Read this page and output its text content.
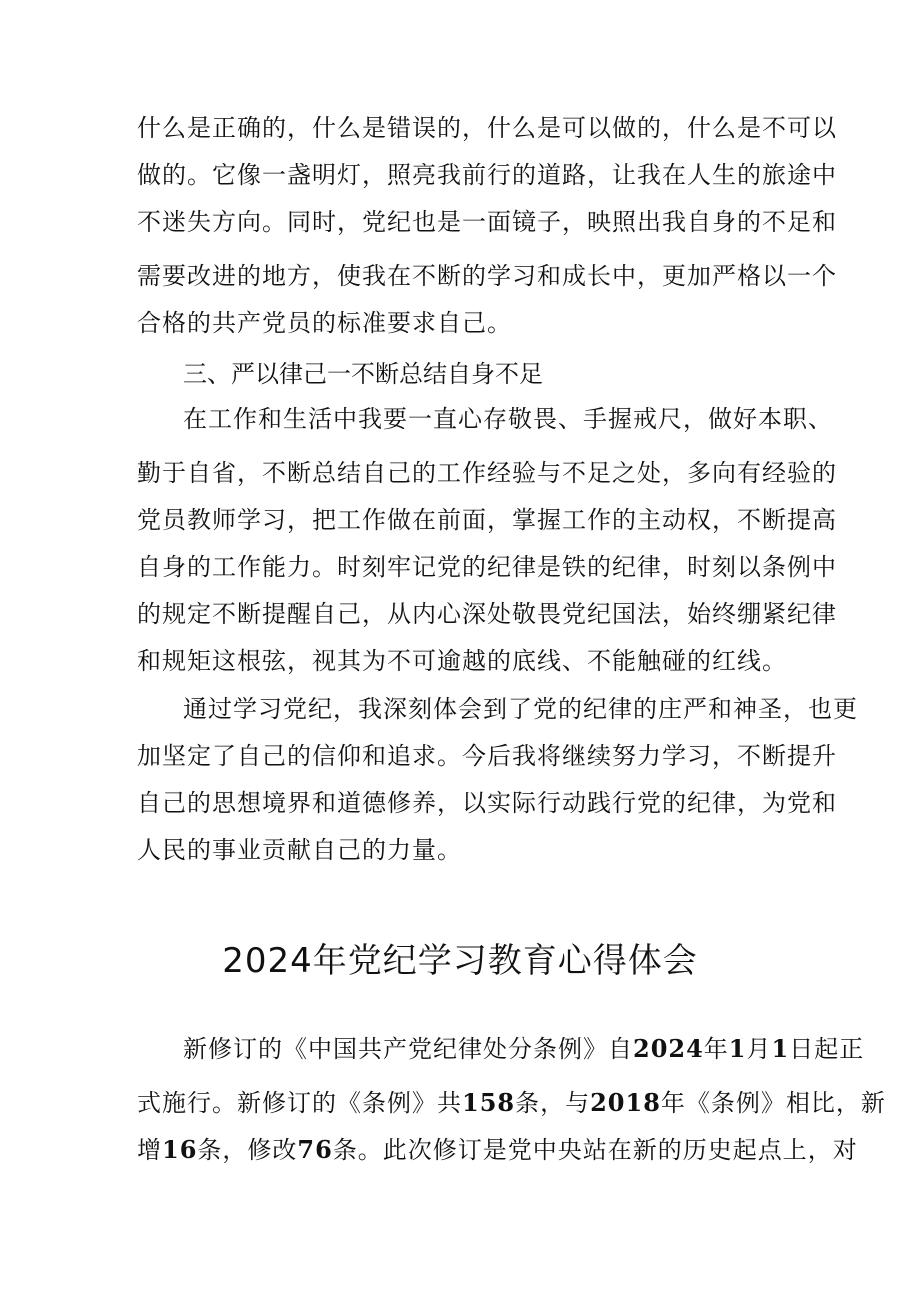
什么是正确的，什么是错误的，什么是可以做的，什么是不可以
做的。它像一盏明灯，照亮我前行的道路，让我在人生的旅途中
不迷失方向。同时，党纪也是一面镜子，映照出我自身的不足和
需要改进的地方，使我在不断的学习和成长中，更加严格以一个
合格的共产党员的标准要求自己。
三、严以律己一不断总结自身不足
在工作和生活中我要一直心存敬畏、手握戒尺，做好本职、
勤于自省，不断总结自己的工作经验与不足之处，多向有经验的
党员教师学习，把工作做在前面，掌握工作的主动权，不断提高
自身的工作能力。时刻牢记党的纪律是铁的纪律，时刻以条例中
的规定不断提醒自己，从内心深处敬畏党纪国法，始终绷紧纪律
和规矩这根弦，视其为不可逾越的底线、不能触碰的红线。
通过学习党纪，我深刻体会到了党的纪律的庄严和神圣，也更
加坚定了自己的信仰和追求。今后我将继续努力学习，不断提升
自己的思想境界和道德修养，以实际行动践行党的纪律，为党和
人民的事业贡献自己的力量。
2024年党纪学习教育心得体会
新修订的《中国共产党纪律处分条例》自2024年1月1日起正
式施行。新修订的《条例》共158条，与2018年《条例》相比，新
增16条，修改76条。此次修订是党中央站在新的历史起点上，对
